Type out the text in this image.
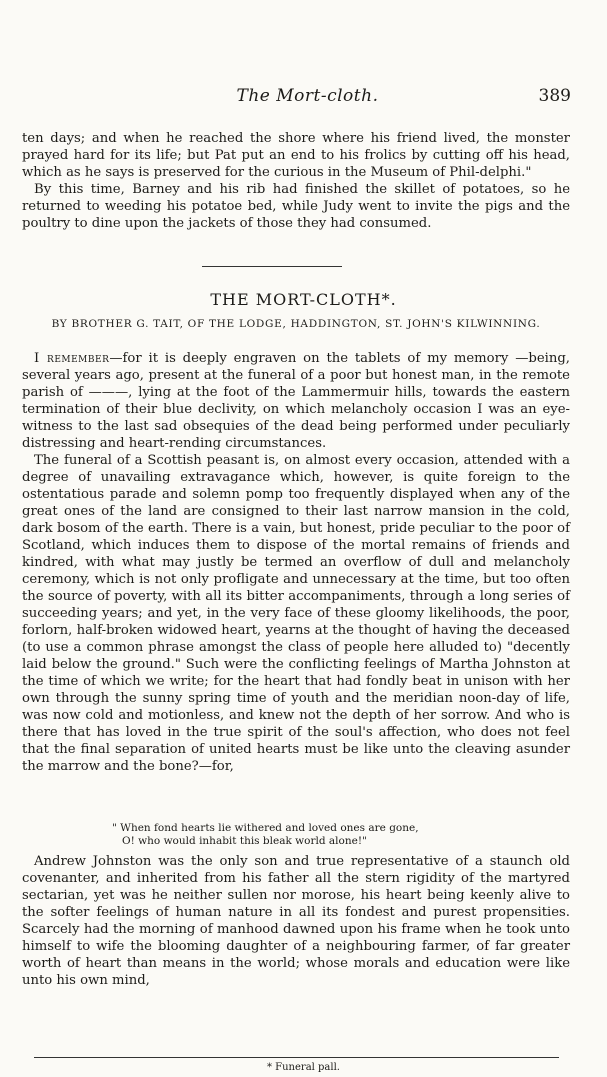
The Mort-cloth.	389

ten days; and when he reached the shore where his friend lived, the monster prayed hard for its life; but Pat put an end to his frolics by cutting off his head, which as he says is preserved for the curious in the Museum of Phil-delphi."

By this time, Barney and his rib had finished the skillet of potatoes, so he returned to weeding his potatoe bed, while Judy went to invite the pigs and the poultry to dine upon the jackets of those they had consumed.

THE MORT-CLOTH*.
BY BROTHER G. TAIT, OF THE LODGE, HADDINGTON, ST. JOHN'S KILWINNING.

I remember—for it is deeply engraven on the tablets of my memory —being, several years ago, present at the funeral of a poor but honest man, in the remote parish of ———, lying at the foot of the Lammermuir hills, towards the eastern termination of their blue declivity, on which melancholy occasion I was an eye-witness to the last sad obsequies of the dead being performed under peculiarly distressing and heart-rending circumstances.

The funeral of a Scottish peasant is, on almost every occasion, attended with a degree of unavailing extravagance which, however, is quite foreign to the ostentatious parade and solemn pomp too frequently displayed when any of the great ones of the land are consigned to their last narrow mansion in the cold, dark bosom of the earth. There is a vain, but honest, pride peculiar to the poor of Scotland, which induces them to dispose of the mortal remains of friends and kindred, with what may justly be termed an overflow of dull and melancholy ceremony, which is not only profligate and unnecessary at the time, but too often the source of poverty, with all its bitter accompaniments, through a long series of succeeding years; and yet, in the very face of these gloomy likelihoods, the poor, forlorn, half-broken widowed heart, yearns at the thought of having the deceased (to use a common phrase amongst the class of people here alluded to) "decently laid below the ground." Such were the conflicting feelings of Martha Johnston at the time of which we write; for the heart that had fondly beat in unison with her own through the sunny spring time of youth and the meridian noon-day of life, was now cold and motionless, and knew not the depth of her sorrow. And who is there that has loved in the true spirit of the soul's affection, who does not feel that the final separation of united hearts must be like unto the cleaving asunder the marrow and the bone?—for,

" When fond hearts lie withered and loved ones are gone,
O! who would inhabit this bleak world alone!"

Andrew Johnston was the only son and true representative of a staunch old covenanter, and inherited from his father all the stern rigidity of the martyred sectarian, yet was he neither sullen nor morose, his heart being keenly alive to the softer feelings of human nature in all its fondest and purest propensities. Scarcely had the morning of manhood dawned upon his frame when he took unto himself to wife the blooming daughter of a neighbouring farmer, of far greater worth of heart than means in the world; whose morals and education were like unto his own mind,

* Funeral pall.
